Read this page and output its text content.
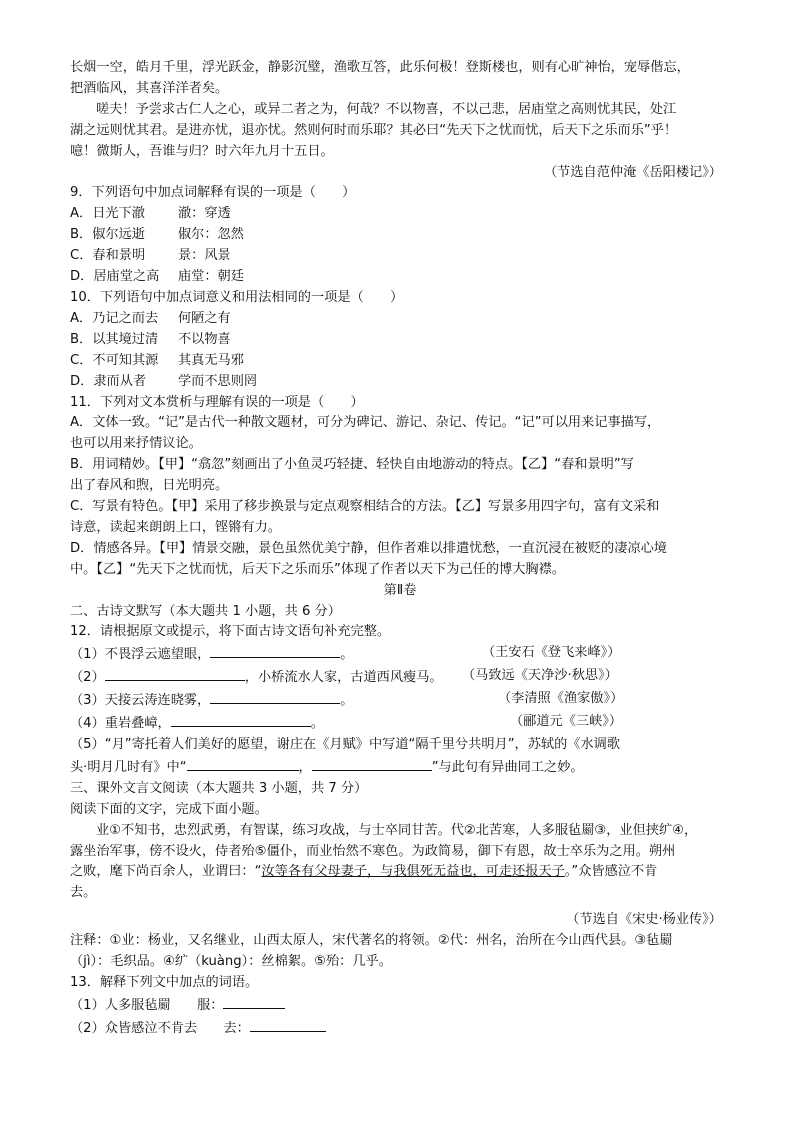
长烟一空，皓月千里，浮光跃金，静影沉璧，渔歌互答，此乐何极！登斯楼也，则有心旷神怡，宠辱偕忘，
把酒临风，其喜洋洋者矣。
嗟夫！予尝求古仁人之心，或异二者之为，何哉？不以物喜，不以己悲，居庙堂之高则忧其民，处江
湖之远则忧其君。是进亦忧，退亦忧。然则何时而乐耶？其必曰“先天下之忧而忧，后天下之乐而乐”乎！
噫！微斯人，吾谁与归？时六年九月十五日。
（节选自范仲淹《岳阳楼记》）
9．下列语句中加点词解释有误的一项是（　　）
A．日光下澈	澈：穿透
B．俶尔远逝	俶尔：忽然
C．春和景明 景：风景
D．居庙堂之高 庙堂：朝廷
10．下列语句中加点词意义和用法相同的一项是（　　）
A．乃记之而去 何陋之有
B．以其境过清 不以物喜
C．不可知其源 其真无马邪
D．隶而从者 学而不思则罔
11．下列对文本赏析与理解有误的一项是（　　）
A．文体一致。“记”是古代一种散文题材，可分为碑记、游记、杂记、传记。“记”可以用来记事描写，
也可以用来抒情议论。
B．用词精妙。【甲】“翕忽”刻画出了小鱼灵巧轻捷、轻快自由地游动的特点。【乙】“春和景明”写
出了春风和煦，日光明亮。
C．写景有特色。【甲】采用了移步换景与定点观察相结合的方法。【乙】写景多用四字句，富有文采和
诗意，读起来朗朗上口，铿锵有力。
D．情感各异。【甲】情景交融，景色虽然优美宁静，但作者难以排遣忧愁，一直沉浸在被贬的凄凉心境
中。【乙】“先天下之忧而忧，后天下之乐而乐”体现了作者以天下为己任的博大胸襟。
第Ⅱ卷
二、古诗文默写（本大题共 1 小题，共 6 分）
12．请根据原文或提示，将下面古诗文语句补充完整。
（1）不畏浮云遮望眼，	。	（王安石《登飞来峰》）
（2）	，小桥流水人家，古道西风瘦马。 （马致远《天净沙·秋思》）
（3）天接云涛连晓雾，	。	（李清照《渔家傲》）
（4）重岩叠嶂，	。	（郦道元《三峡》）
（5）“月”寄托着人们美好的愿望，谢庄在《月赋》中写道“隔千里兮共明月”，苏轼的《水调歌
头·明月几时有》中“	，	”与此句有异曲同工之妙。
三、课外文言文阅读（本大题共 3 小题，共 7 分）
阅读下面的文字，完成下面小题。
业①不知书，忠烈武勇，有智谋，练习攻战，与士卒同甘苦。代②北苦寒，人多服毡罽③，业但挟纩④，
露坐治军事，傍不设火，侍者殆⑤僵仆，而业怡然不寒色。为政简易，御下有恩，故士卒乐为之用。朔州
之败，麾下尚百余人，业谓曰：“汝等各有父母妻子，与我俱死无益也，可走还报天子。”众皆感泣不肯
去。
（节选自《宋史·杨业传》）
注释：①业：杨业，又名继业，山西太原人，宋代著名的将领。②代：州名，治所在今山西代县。③毡罽
（jì）：毛织品。④纩（kuàng）：丝棉絮。⑤殆：几乎。
13．解释下列文中加点的词语。
（1）人多服毡罽　　服：
（2）众皆感泣不肯去　　去：
